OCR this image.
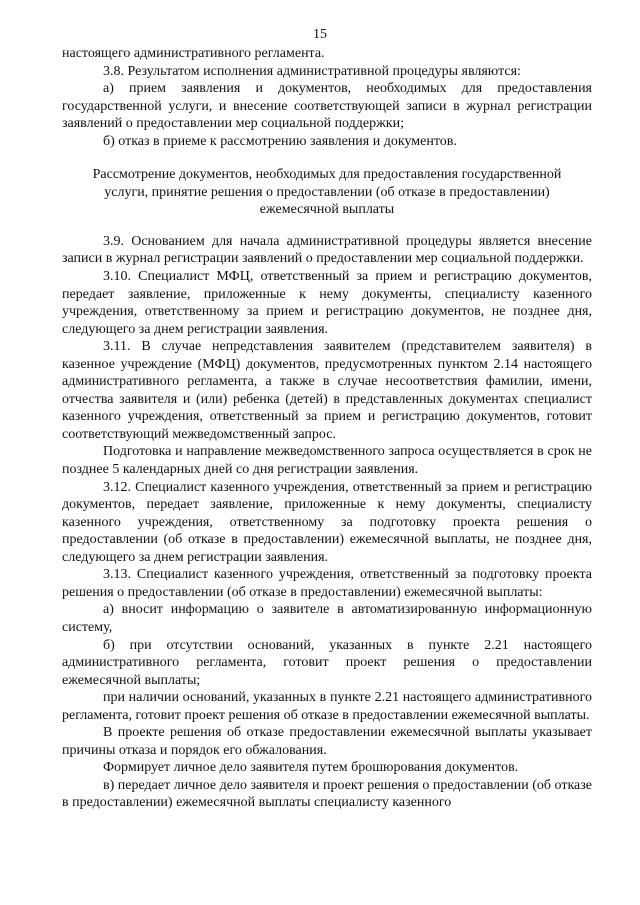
15

настоящего административного регламента.

3.8. Результатом исполнения административной процедуры являются:

а) прием заявления и документов, необходимых для предоставления государственной услуги, и внесение соответствующей записи в журнал регистрации заявлений о предоставлении мер социальной поддержки;

б) отказ в приеме к рассмотрению заявления и документов.

Рассмотрение документов, необходимых для предоставления государственной услуги, принятие решения о предоставлении (об отказе в предоставлении) ежемесячной выплаты

3.9. Основанием для начала административной процедуры является внесение записи в журнал регистрации заявлений о предоставлении мер социальной поддержки.

3.10. Специалист МФЦ, ответственный за прием и регистрацию документов, передает заявление, приложенные к нему документы, специалисту казенного учреждения, ответственному за прием и регистрацию документов, не позднее дня, следующего за днем регистрации заявления.

3.11. В случае непредставления заявителем (представителем заявителя) в казенное учреждение (МФЦ) документов, предусмотренных пунктом 2.14 настоящего административного регламента, а также в случае несоответствия фамилии, имени, отчества заявителя и (или) ребенка (детей) в представленных документах специалист казенного учреждения, ответственный за прием и регистрацию документов, готовит соответствующий межведомственный запрос.

Подготовка и направление межведомственного запроса осуществляется в срок не позднее 5 календарных дней со дня регистрации заявления.

3.12. Специалист казенного учреждения, ответственный за прием и регистрацию документов, передает заявление, приложенные к нему документы, специалисту казенного учреждения, ответственному за подготовку проекта решения о предоставлении (об отказе в предоставлении) ежемесячной выплаты, не позднее дня, следующего за днем регистрации заявления.

3.13. Специалист казенного учреждения, ответственный за подготовку проекта решения о предоставлении (об отказе в предоставлении) ежемесячной выплаты:

а) вносит информацию о заявителе в автоматизированную информационную систему,

б) при отсутствии оснований, указанных в пункте 2.21 настоящего административного регламента, готовит проект решения о предоставлении ежемесячной выплаты;

при наличии оснований, указанных в пункте 2.21 настоящего административного регламента, готовит проект решения об отказе в предоставлении ежемесячной выплаты.

В проекте решения об отказе предоставлении ежемесячной выплаты указывает причины отказа и порядок его обжалования.

Формирует личное дело заявителя путем брошюрования документов.

в) передает личное дело заявителя и проект решения о предоставлении (об отказе в предоставлении) ежемесячной выплаты специалисту казенного
